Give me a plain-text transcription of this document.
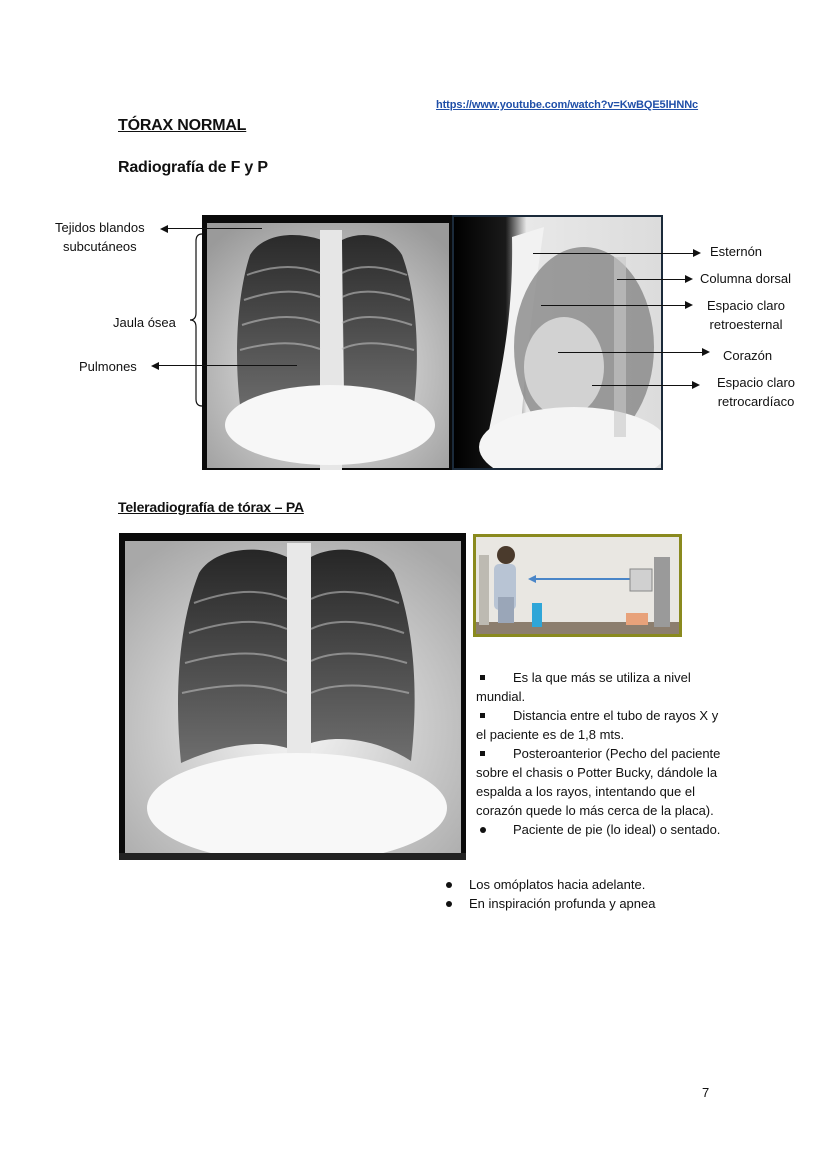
https://www.youtube.com/watch?v=KwBQE5lHNNc
TÓRAX NORMAL
Radiografía de F y P
Tejidos blandos
subcutáneos
Jaula ósea
Pulmones
Esternón
Columna dorsal
Espacio claro
retroesternal
Corazón
Espacio claro
retrocardíaco
Teleradiografía de tórax – PA

Es la que más se utiliza a nivel mundial.

Distancia entre el tubo de rayos X y el paciente es de 1,8 mts.

Posteroanterior (Pecho del paciente sobre el chasis o Potter Bucky, dándole la espalda a los rayos, intentando que el corazón quede lo más cerca de la placa).

Paciente de pie (lo ideal) o sentado.

Los omóplatos hacia adelante.
En inspiración profunda y apnea
7
